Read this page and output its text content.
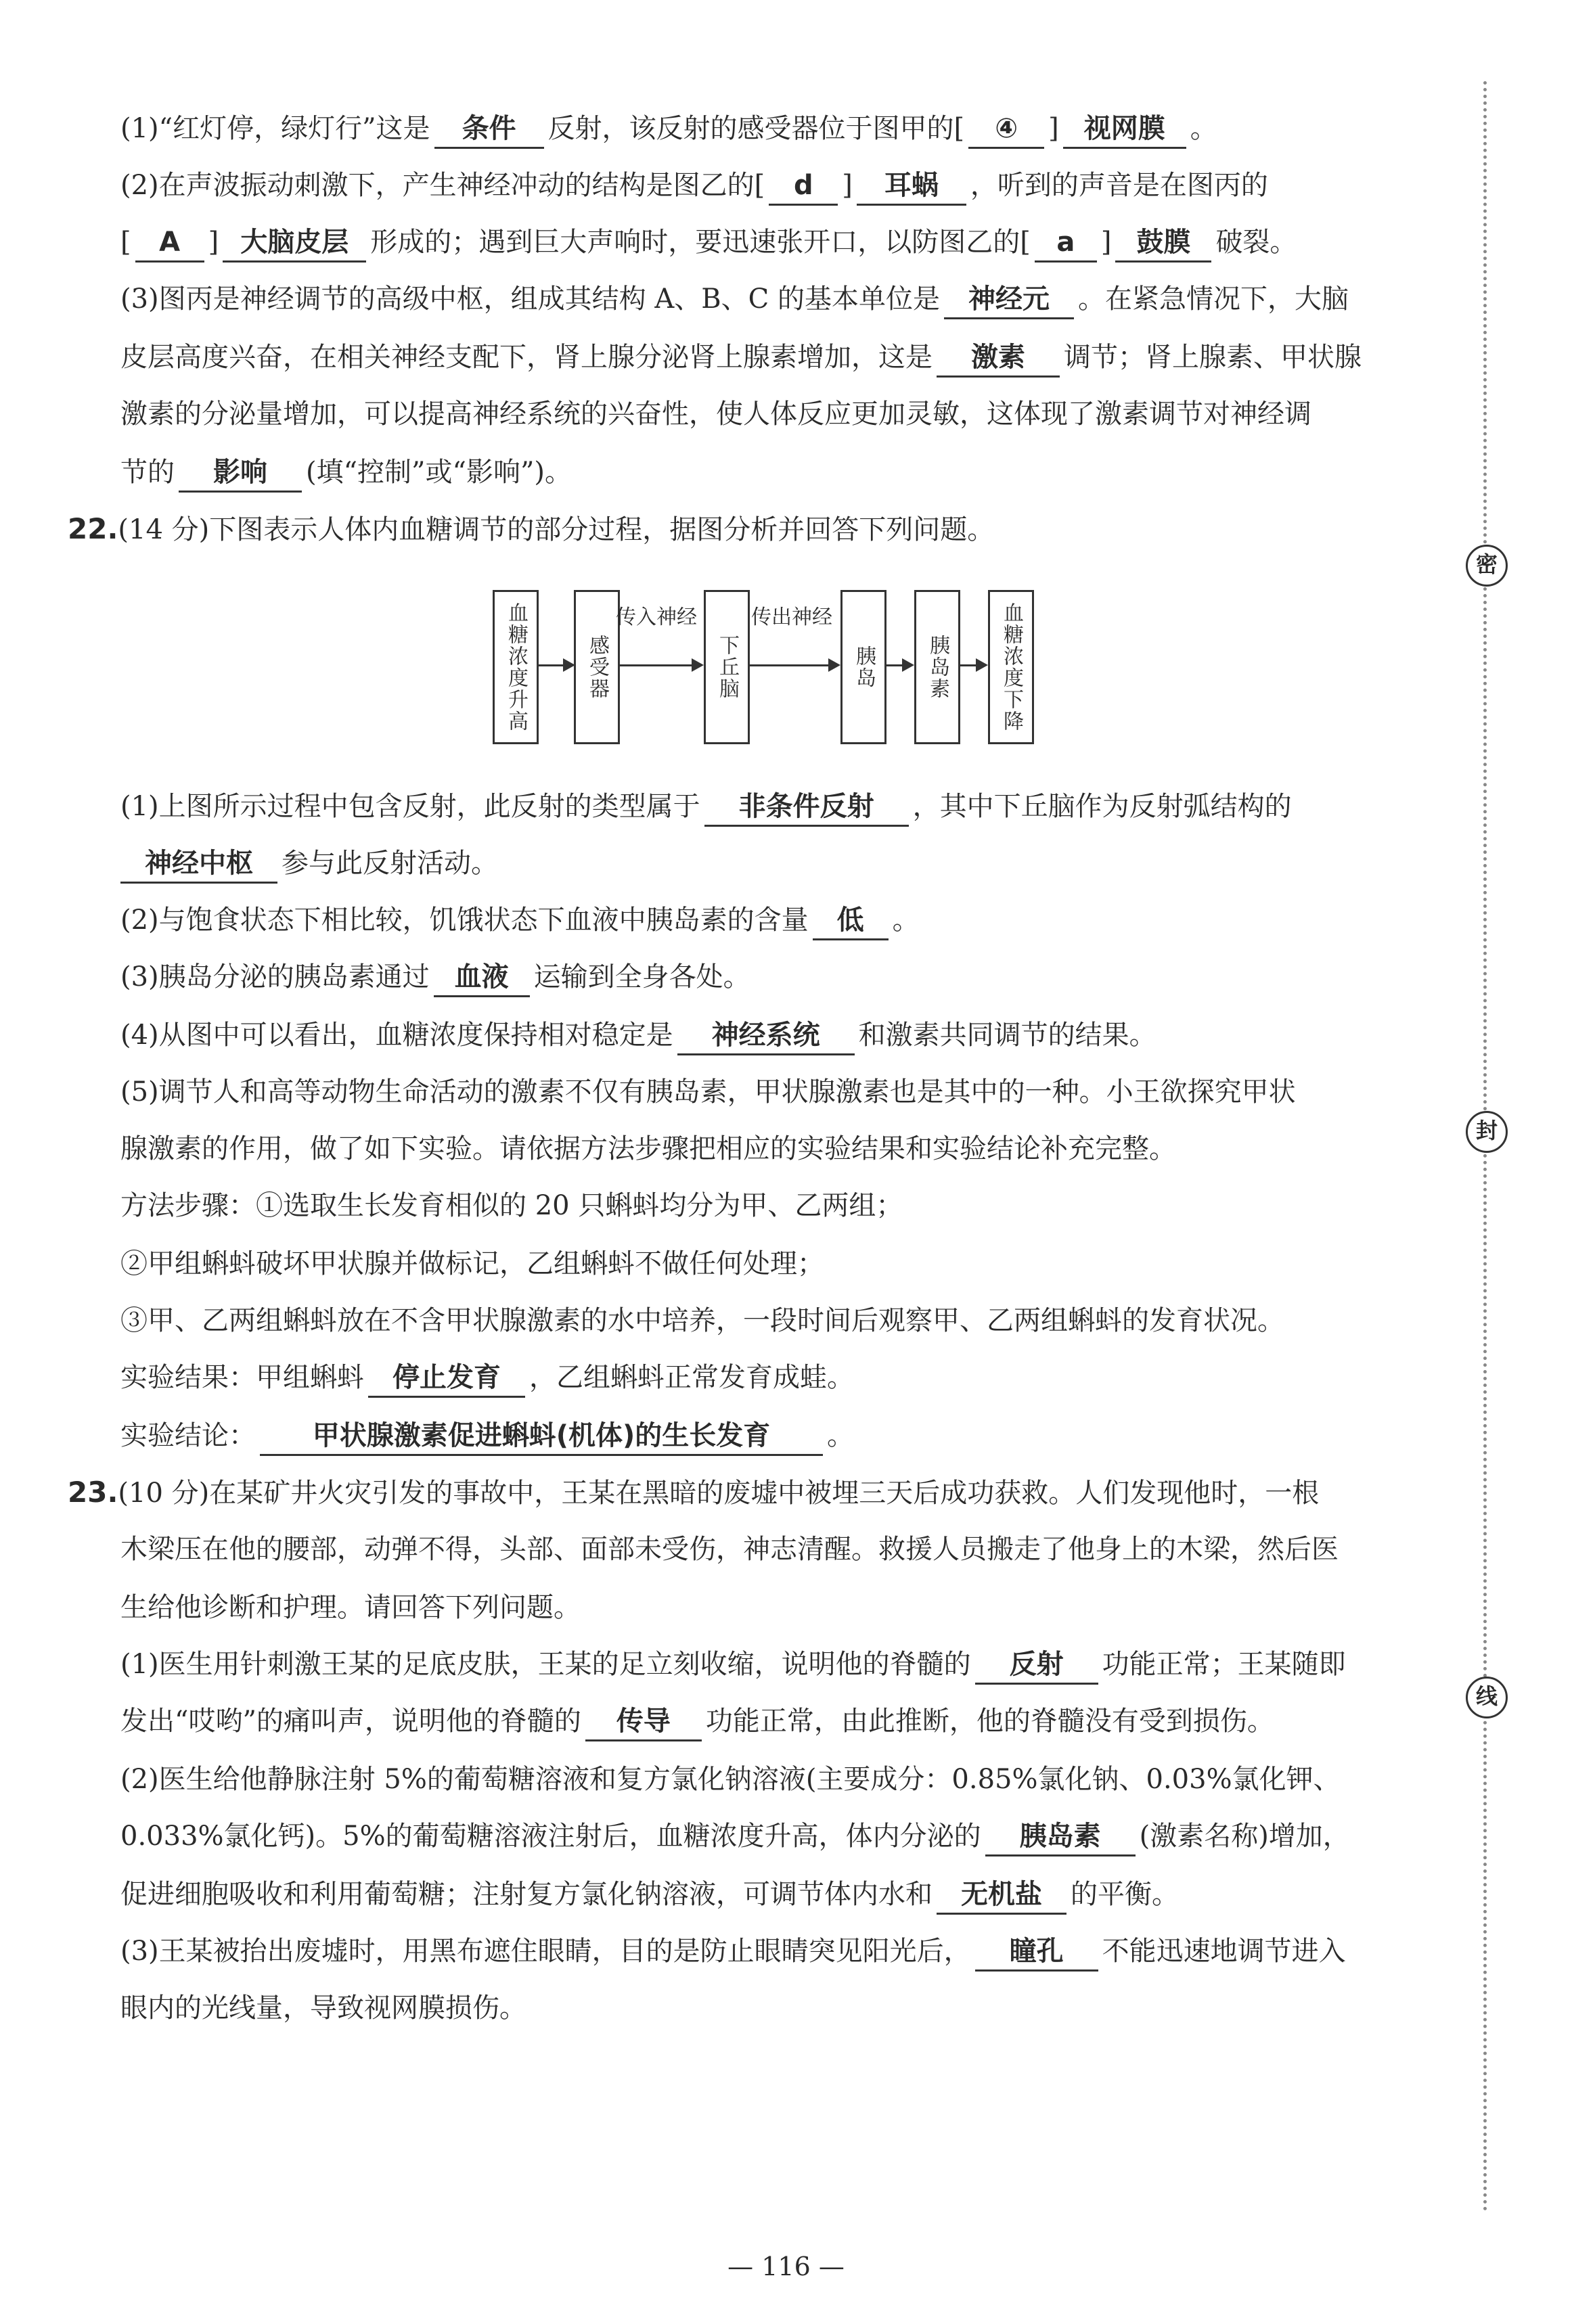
密
封
线
(1)“红灯停，绿灯行”这是 条件 反射，该反射的感受器位于图甲的[ ④ ] 视网膜 。
(2)在声波振动刺激下，产生神经冲动的结构是图乙的[ d ] 耳蜗 ，听到的声音是在图丙的
[ A ] 大脑皮层 形成的；遇到巨大声响时，要迅速张开口，以防图乙的[ a ] 鼓膜 破裂。
(3)图丙是神经调节的高级中枢，组成其结构 A、B、C 的基本单位是 神经元 。在紧急情况下，大脑
皮层高度兴奋，在相关神经支配下，肾上腺分泌肾上腺素增加，这是 激素 调节；肾上腺素、甲状腺
激素的分泌量增加，可以提高神经系统的兴奋性，使人体反应更加灵敏，这体现了激素调节对神经调
节的 影响 (填“控制”或“影响”)。
22.(14 分)下图表示人体内血糖调节的部分过程，据图分析并回答下列问题。
血糖浓度升高	感受器
传入神经
下丘脑
传出神经
胰岛 胰岛素 血糖浓度下降
(1)上图所示过程中包含反射，此反射的类型属于 非条件反射 ，其中下丘脑作为反射弧结构的
神经中枢 参与此反射活动。
(2)与饱食状态下相比较，饥饿状态下血液中胰岛素的含量 低 。
(3)胰岛分泌的胰岛素通过 血液 运输到全身各处。
(4)从图中可以看出，血糖浓度保持相对稳定是 神经系统 和激素共同调节的结果。
(5)调节人和高等动物生命活动的激素不仅有胰岛素，甲状腺激素也是其中的一种。小王欲探究甲状
腺激素的作用，做了如下实验。请依据方法步骤把相应的实验结果和实验结论补充完整。
方法步骤：①选取生长发育相似的 20 只蝌蚪均分为甲、乙两组；
②甲组蝌蚪破坏甲状腺并做标记，乙组蝌蚪不做任何处理；
③甲、乙两组蝌蚪放在不含甲状腺激素的水中培养，一段时间后观察甲、乙两组蝌蚪的发育状况。
实验结果：甲组蝌蚪 停止发育 ，乙组蝌蚪正常发育成蛙。
实验结论： 甲状腺激素促进蝌蚪(机体)的生长发育 。
23.(10 分)在某矿井火灾引发的事故中，王某在黑暗的废墟中被埋三天后成功获救。人们发现他时，一根
木梁压在他的腰部，动弹不得，头部、面部未受伤，神志清醒。救援人员搬走了他身上的木梁，然后医
生给他诊断和护理。请回答下列问题。
(1)医生用针刺激王某的足底皮肤，王某的足立刻收缩，说明他的脊髓的 反射 功能正常；王某随即
发出“哎哟”的痛叫声，说明他的脊髓的 传导 功能正常，由此推断，他的脊髓没有受到损伤。
(2)医生给他静脉注射 5%的葡萄糖溶液和复方氯化钠溶液(主要成分：0.85%氯化钠、0.03%氯化钾、
0.033%氯化钙)。5%的葡萄糖溶液注射后，血糖浓度升高，体内分泌的 胰岛素 (激素名称)增加，
促进细胞吸收和利用葡萄糖；注射复方氯化钠溶液，可调节体内水和 无机盐 的平衡。
(3)王某被抬出废墟时，用黑布遮住眼睛，目的是防止眼睛突见阳光后， 瞳孔 不能迅速地调节进入
眼内的光线量，导致视网膜损伤。
— 116 —
